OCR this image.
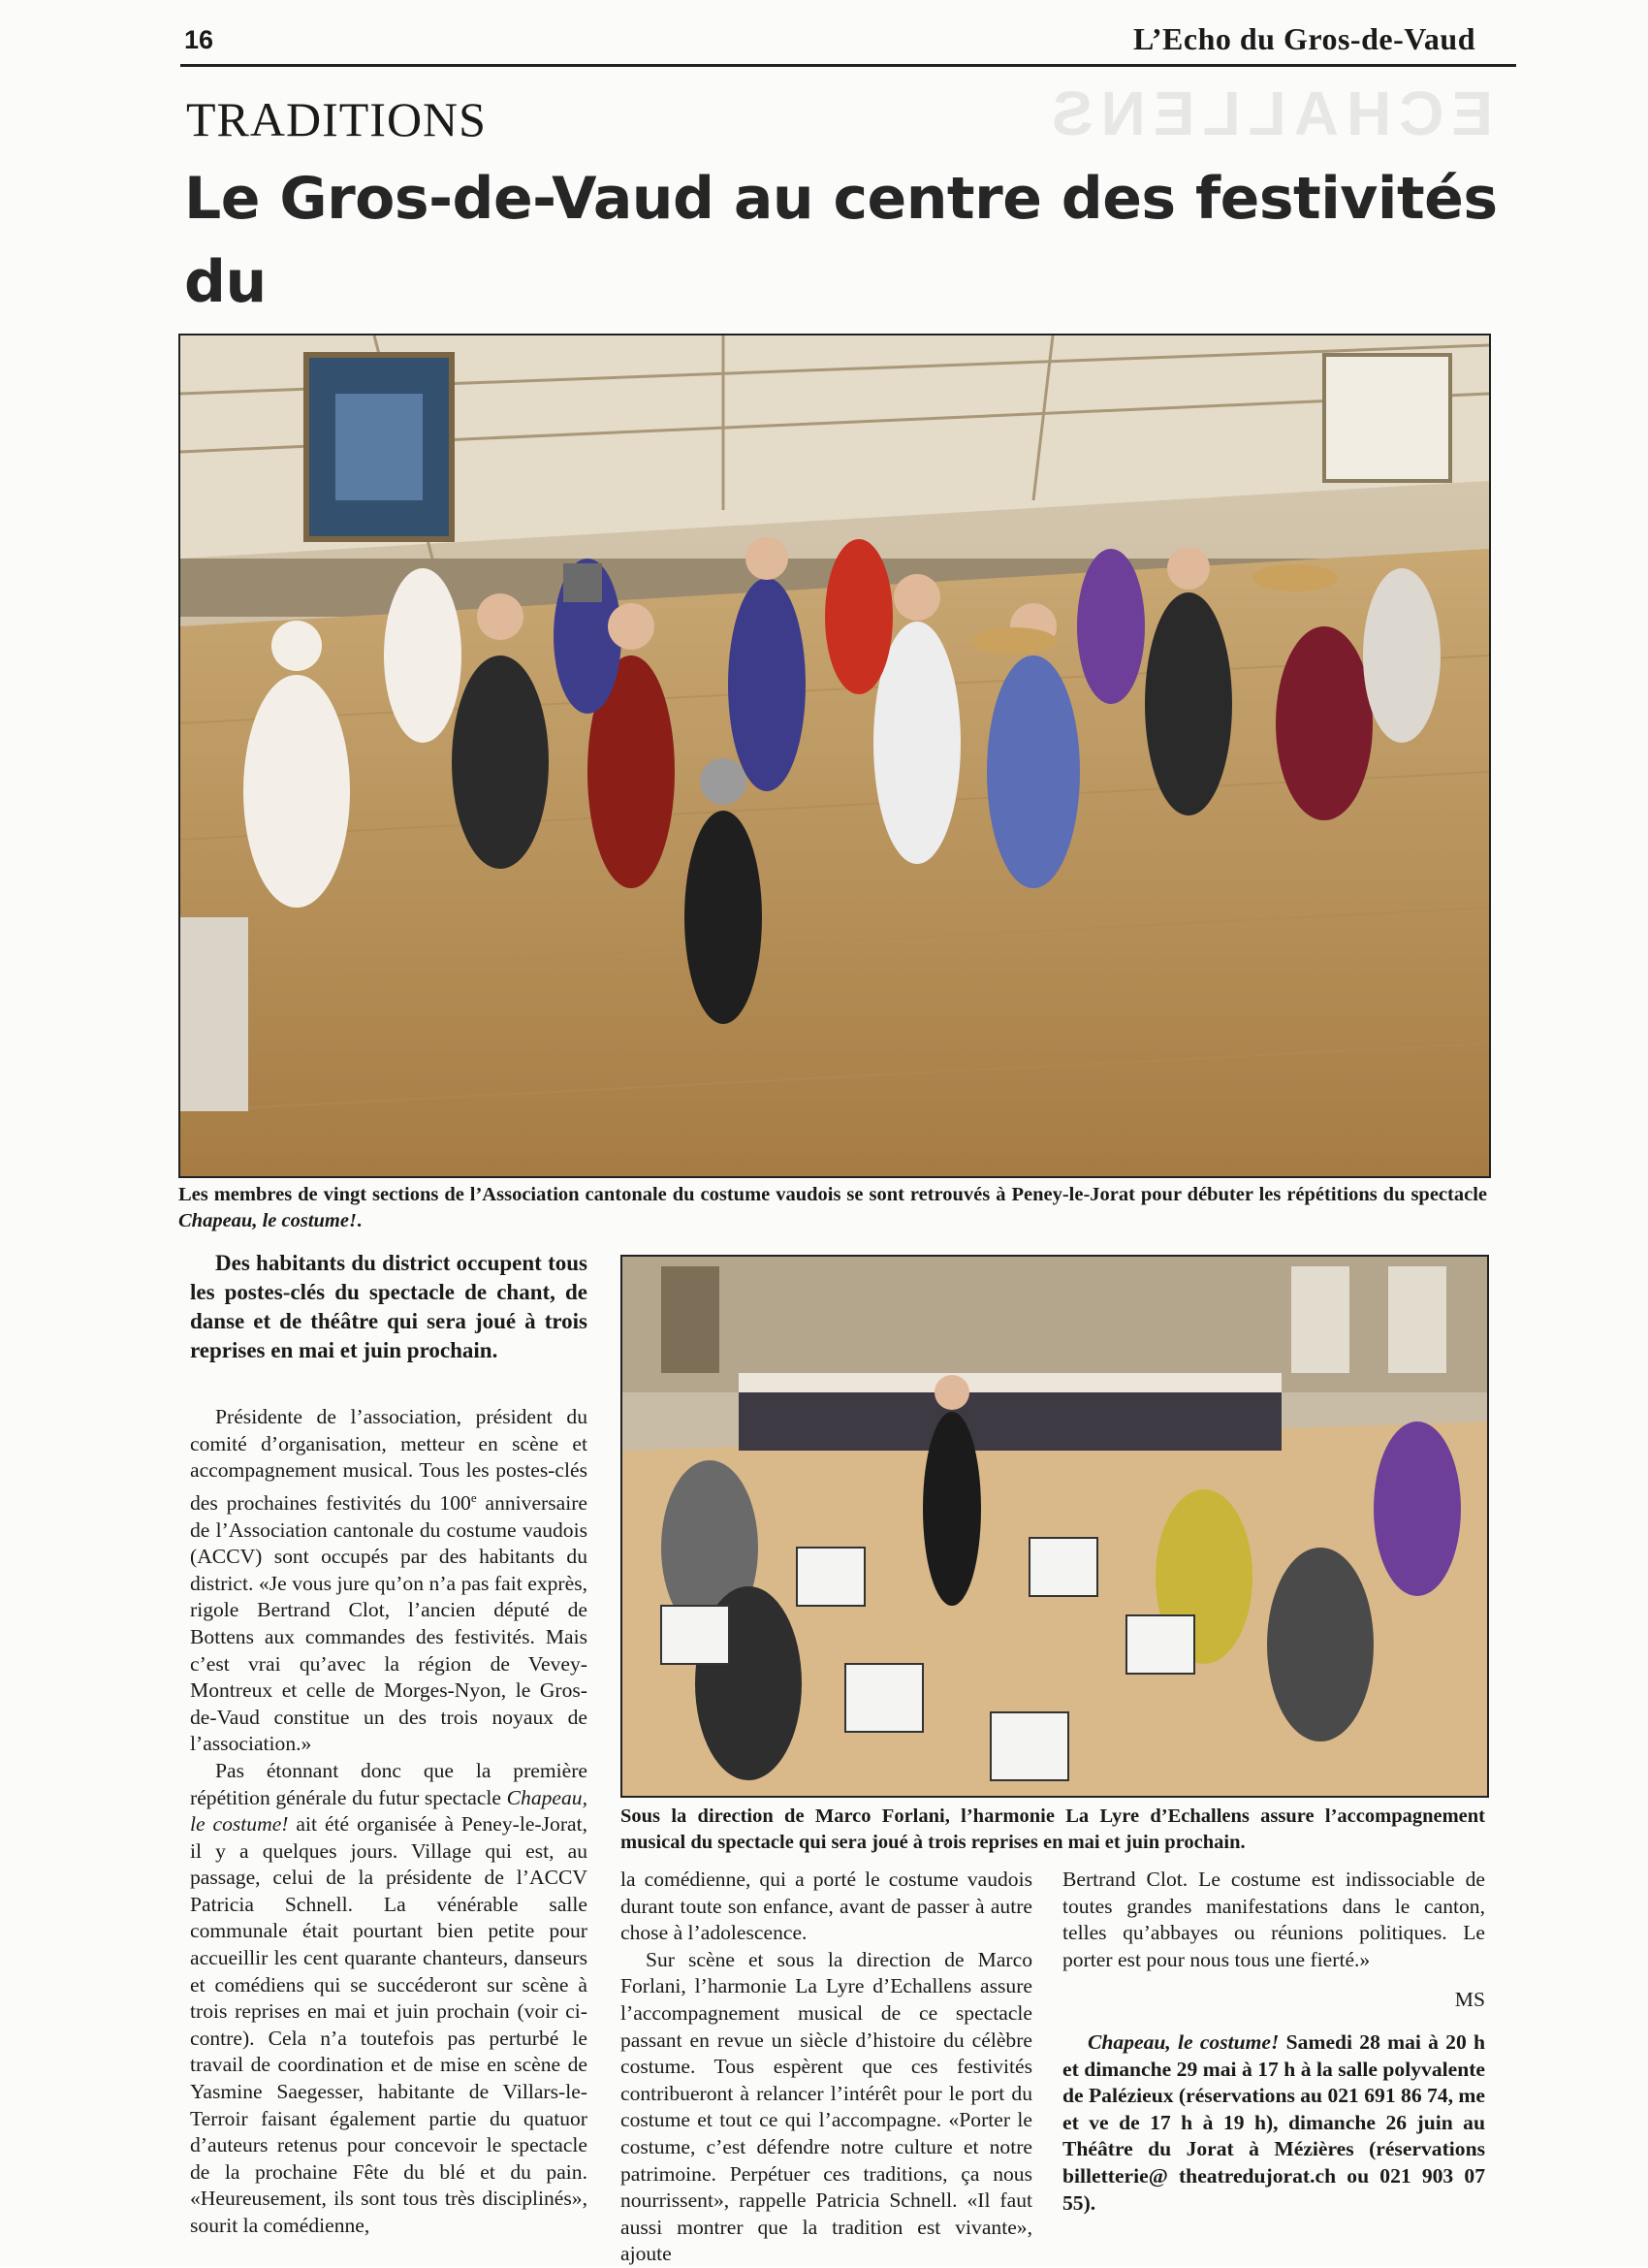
16	L’Echo du Gros-de-Vaud
ECHALLENS
TRADITIONS
Le Gros-de-Vaud au centre des festivités du

Les membres de vingt sections de l’Association cantonale du costume vaudois se sont retrouvés à Peney-le-Jorat pour débuter les répétitions du spectacle Chapeau, le costume!.
Des habitants du district occupent tous les postes-clés du spectacle de chant, de danse et de théâtre qui sera joué à trois reprises en mai et juin prochain.
Sous la direction de Marco Forlani, l’harmonie La Lyre d’Echallens assure l’accompagnement musical du spectacle qui sera joué à trois reprises en mai et juin prochain.

Présidente de l’association, président du comité d’organisation, metteur en scène et accompagnement musical. Tous les postes-clés des prochaines festivités du 100e anniversaire de l’Association cantonale du costume vaudois (ACCV) sont occupés par des habitants du district. «Je vous jure qu’on n’a pas fait exprès, rigole Bertrand Clot, l’ancien député de Bottens aux commandes des festivités. Mais c’est vrai qu’avec la région de Vevey-Montreux et celle de Morges-Nyon, le Gros-de-Vaud constitue un des trois noyaux de l’association.»

Pas étonnant donc que la première répétition générale du futur spectacle Chapeau, le costume! ait été organisée à Peney-le-Jorat, il y a quelques jours. Village qui est, au passage, celui de la présidente de l’ACCV Patricia Schnell. La vénérable salle communale était pourtant bien petite pour accueillir les cent quarante chanteurs, danseurs et comédiens qui se succéderont sur scène à trois reprises en mai et juin prochain (voir ci-contre). Cela n’a toutefois pas perturbé le travail de coordination et de mise en scène de Yasmine Saegesser, habitante de Villars-le-Terroir faisant également partie du quatuor d’auteurs retenus pour concevoir le spectacle de la prochaine Fête du blé et du pain. «Heureusement, ils sont tous très disciplinés», sourit la comédienne,

la comédienne, qui a porté le costume vaudois durant toute son enfance, avant de passer à autre chose à l’adolescence.

Sur scène et sous la direction de Marco Forlani, l’harmonie La Lyre d’Echallens assure l’accompagnement musical de ce spectacle passant en revue un siècle d’histoire du célèbre costume. Tous espèrent que ces festivités contribueront à relancer l’intérêt pour le port du costume et tout ce qui l’accompagne. «Porter le costume, c’est défendre notre culture et notre patrimoine. Perpétuer ces traditions, ça nous nourrissent», rappelle Patricia Schnell. «Il faut aussi montrer que la tradition est vivante», ajoute

Bertrand Clot. Le costume est indissociable de toutes grandes manifestations dans le canton, telles qu’abbayes ou réunions politiques. Le porter est pour nous tous une fierté.»

MS
Chapeau, le costume! Samedi 28 mai à 20 h et dimanche 29 mai à 17 h à la salle polyvalente de Palézieux (réservations au 021 691 86 74, me et ve de 17 h à 19 h), dimanche 26 juin au Théâtre du Jorat à Mézières (réservations billetterie@ theatredujorat.ch ou 021 903 07 55).
